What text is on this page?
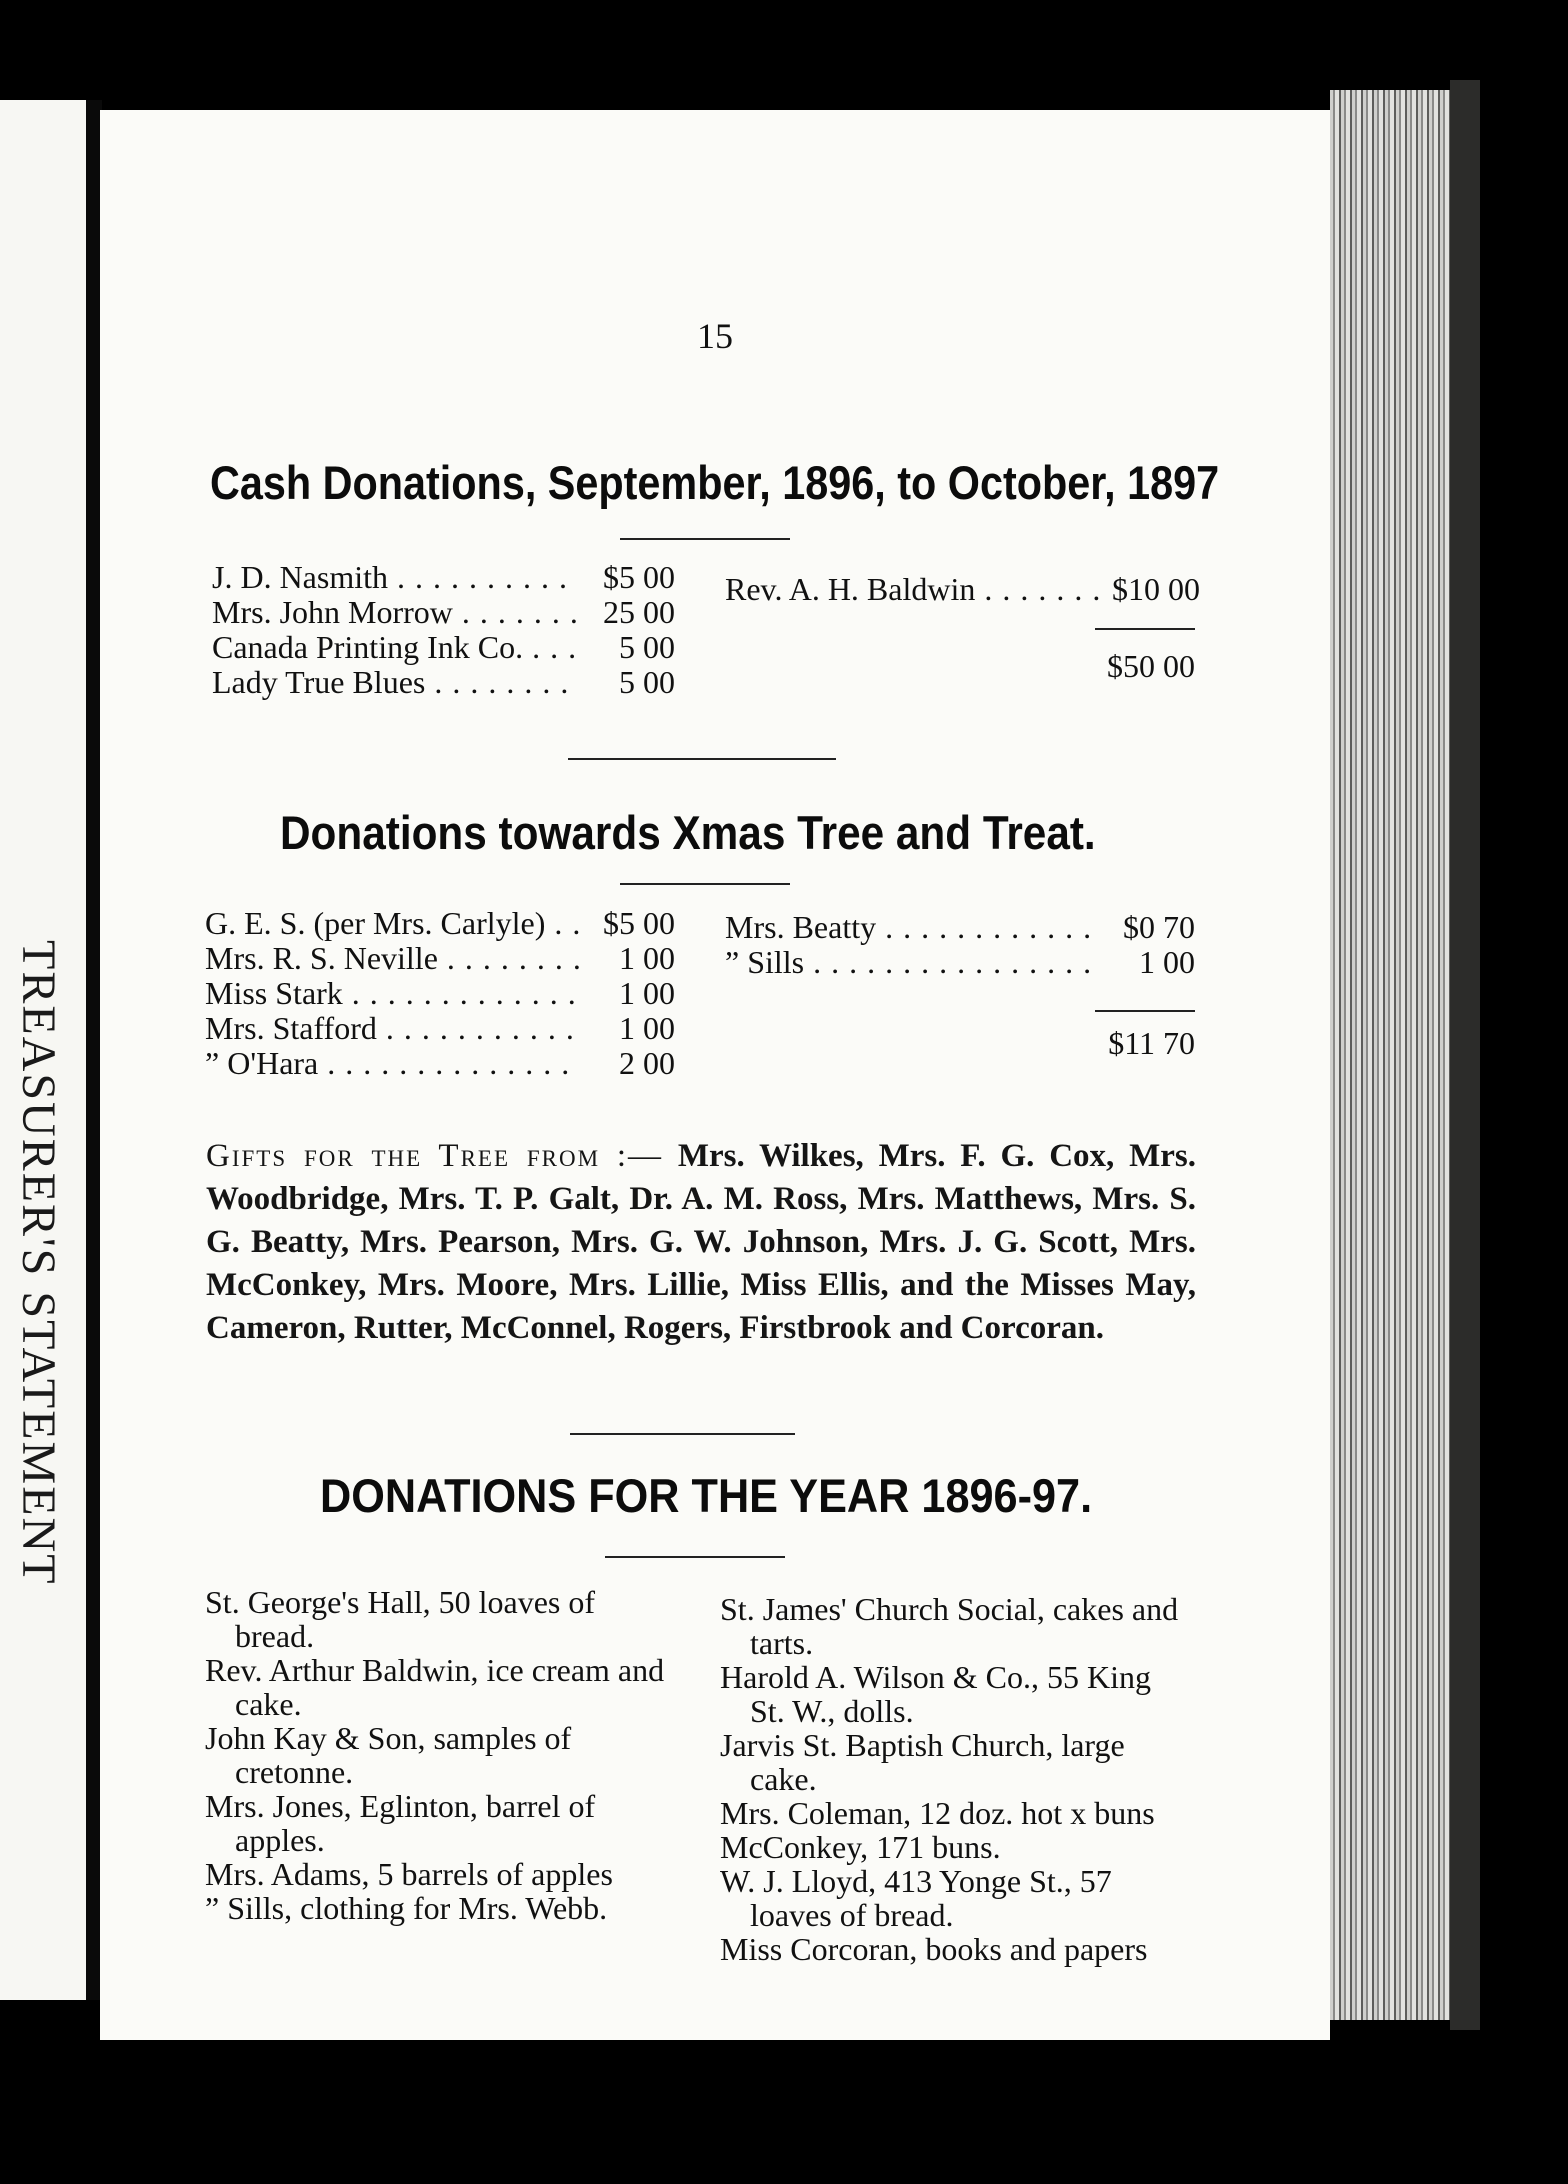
TREASURER'S STATEMENT
15
Cash Donations, September, 1896, to October, 1897
J. D. Nasmith . . .	$5 00
Mrs. John Morrow . . .	25 00
Canada Printing Ink Co. . . .	5 00
Lady True Blues . . .	5 00
Rev. A. H. Baldwin . . .	$10 00
$50 00
Donations towards Xmas Tree and Treat.
G. E. S. (per Mrs. Carlyle) . . .	$5 00
Mrs. R. S. Neville . . .	1 00
Miss Stark . . .	1 00
Mrs. Stafford . . .	1 00
” O'Hara . . .	2 00
Mrs. Beatty . . .	$0 70
” Sills . . .	1 00
$11 70
Gifts for the Tree from :— Mrs. Wilkes, Mrs. F. G. Cox, Mrs. Woodbridge, Mrs. T. P. Galt, Dr. A. M. Ross, Mrs. Matthews, Mrs. S. G. Beatty, Mrs. Pearson, Mrs. G. W. Johnson, Mrs. J. G. Scott, Mrs. McConkey, Mrs. Moore, Mrs. Lillie, Miss Ellis, and the Misses May, Cameron, Rutter, McConnel, Rogers, Firstbrook and Corcoran.
DONATIONS FOR THE YEAR 1896-97.
St. George's Hall, 50 loaves of bread.
Rev. Arthur Baldwin, ice cream and cake.
John Kay & Son, samples of cretonne.
Mrs. Jones, Eglinton, barrel of apples.
Mrs. Adams, 5 barrels of apples
” Sills, clothing for Mrs. Webb.
St. James' Church Social, cakes and tarts.
Harold A. Wilson & Co., 55 King St. W., dolls.
Jarvis St. Baptish Church, large cake.
Mrs. Coleman, 12 doz. hot x buns
McConkey, 171 buns.
W. J. Lloyd, 413 Yonge St., 57 loaves of bread.
Miss Corcoran, books and papers
